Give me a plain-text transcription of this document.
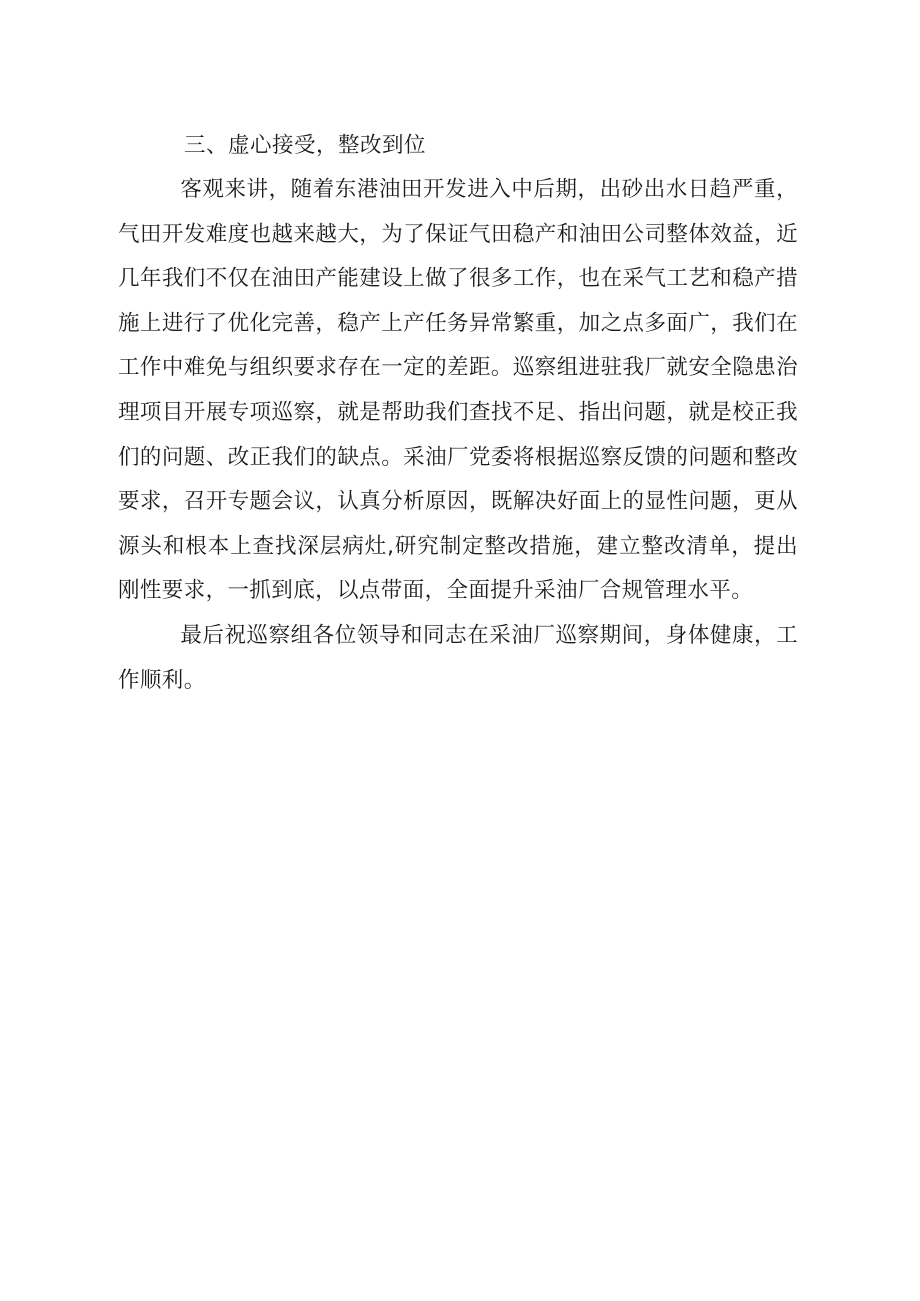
三、虚心接受，整改到位

客观来讲，随着东港油田开发进入中后期，出砂出水日趋严重，气田开发难度也越来越大，为了保证气田稳产和油田公司整体效益，近几年我们不仅在油田产能建设上做了很多工作，也在采气工艺和稳产措施上进行了优化完善，稳产上产任务异常繁重，加之点多面广，我们在工作中难免与组织要求存在一定的差距。巡察组进驻我厂就安全隐患治理项目开展专项巡察，就是帮助我们查找不足、指出问题，就是校正我们的问题、改正我们的缺点。采油厂党委将根据巡察反馈的问题和整改要求，召开专题会议，认真分析原因，既解决好面上的显性问题，更从源头和根本上查找深层病灶,研究制定整改措施，建立整改清单，提出刚性要求，一抓到底，以点带面，全面提升采油厂合规管理水平。

最后祝巡察组各位领导和同志在采油厂巡察期间，身体健康，工作顺利。
